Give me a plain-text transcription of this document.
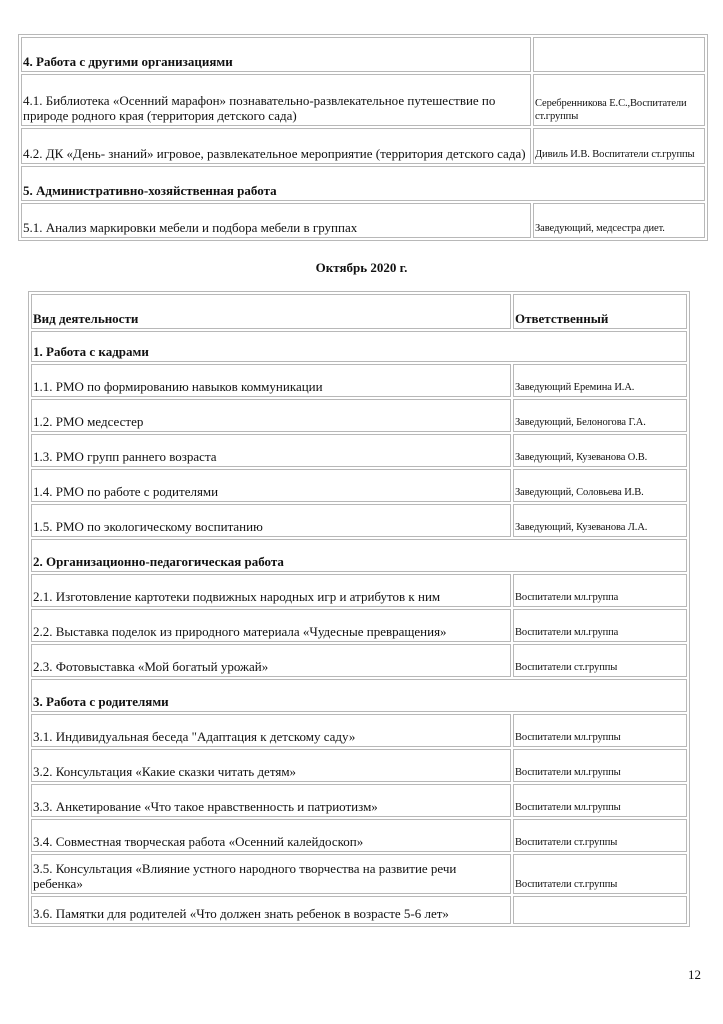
4. Работа с другими организациями	
4.1. Библиотека «Осенний марафон» познавательно-развлекательное путешествие по природе родного края (территория детского сада)	Серебренникова Е.С.,Воспитатели ст.группы
4.2. ДК «День- знаний» игровое, развлекательное мероприятие (территория детского сада)	Дивиль И.В. Воспитатели ст.группы
5. Административно-хозяйственная работа	
5.1. Анализ маркировки мебели и подбора мебели в группах	Заведующий, медсестра диет.
Октябрь 2020 г.
Вид деятельности	Ответственный
1. Работа с кадрами	
1.1. РМО по формированию навыков коммуникации	Заведующий Еремина И.А.
1.2. РМО медсестер	Заведующий, Белоногова Г.А.
1.3. РМО групп раннего возраста	Заведующий, Кузеванова О.В.
1.4. РМО по работе с родителями	Заведующий, Соловьева И.В.
1.5. РМО по экологическому воспитанию	Заведующий, Кузеванова Л.А.
2. Организационно-педагогическая работа	
2.1. Изготовление картотеки подвижных народных игр и атрибутов к ним	Воспитатели мл.группа
2.2. Выставка поделок из природного материала «Чудесные превращения»	Воспитатели мл.группа
2.3. Фотовыставка «Мой богатый урожай»	Воспитатели ст.группы
3. Работа с родителями	
3.1. Индивидуальная беседа "Адаптация к детскому саду»	Воспитатели мл.группы
3.2. Консультация «Какие сказки читать детям»	Воспитатели мл.группы
3.3. Анкетирование «Что такое нравственность и патриотизм»	Воспитатели мл.группы
3.4. Совместная творческая работа «Осенний калейдоскоп»	Воспитатели ст.группы
3.5. Консультация «Влияние устного народного творчества на развитие речи ребенка»	Воспитатели ст.группы
3.6. Памятки для родителей «Что должен знать ребенок в возрасте 5-6 лет»	
12
